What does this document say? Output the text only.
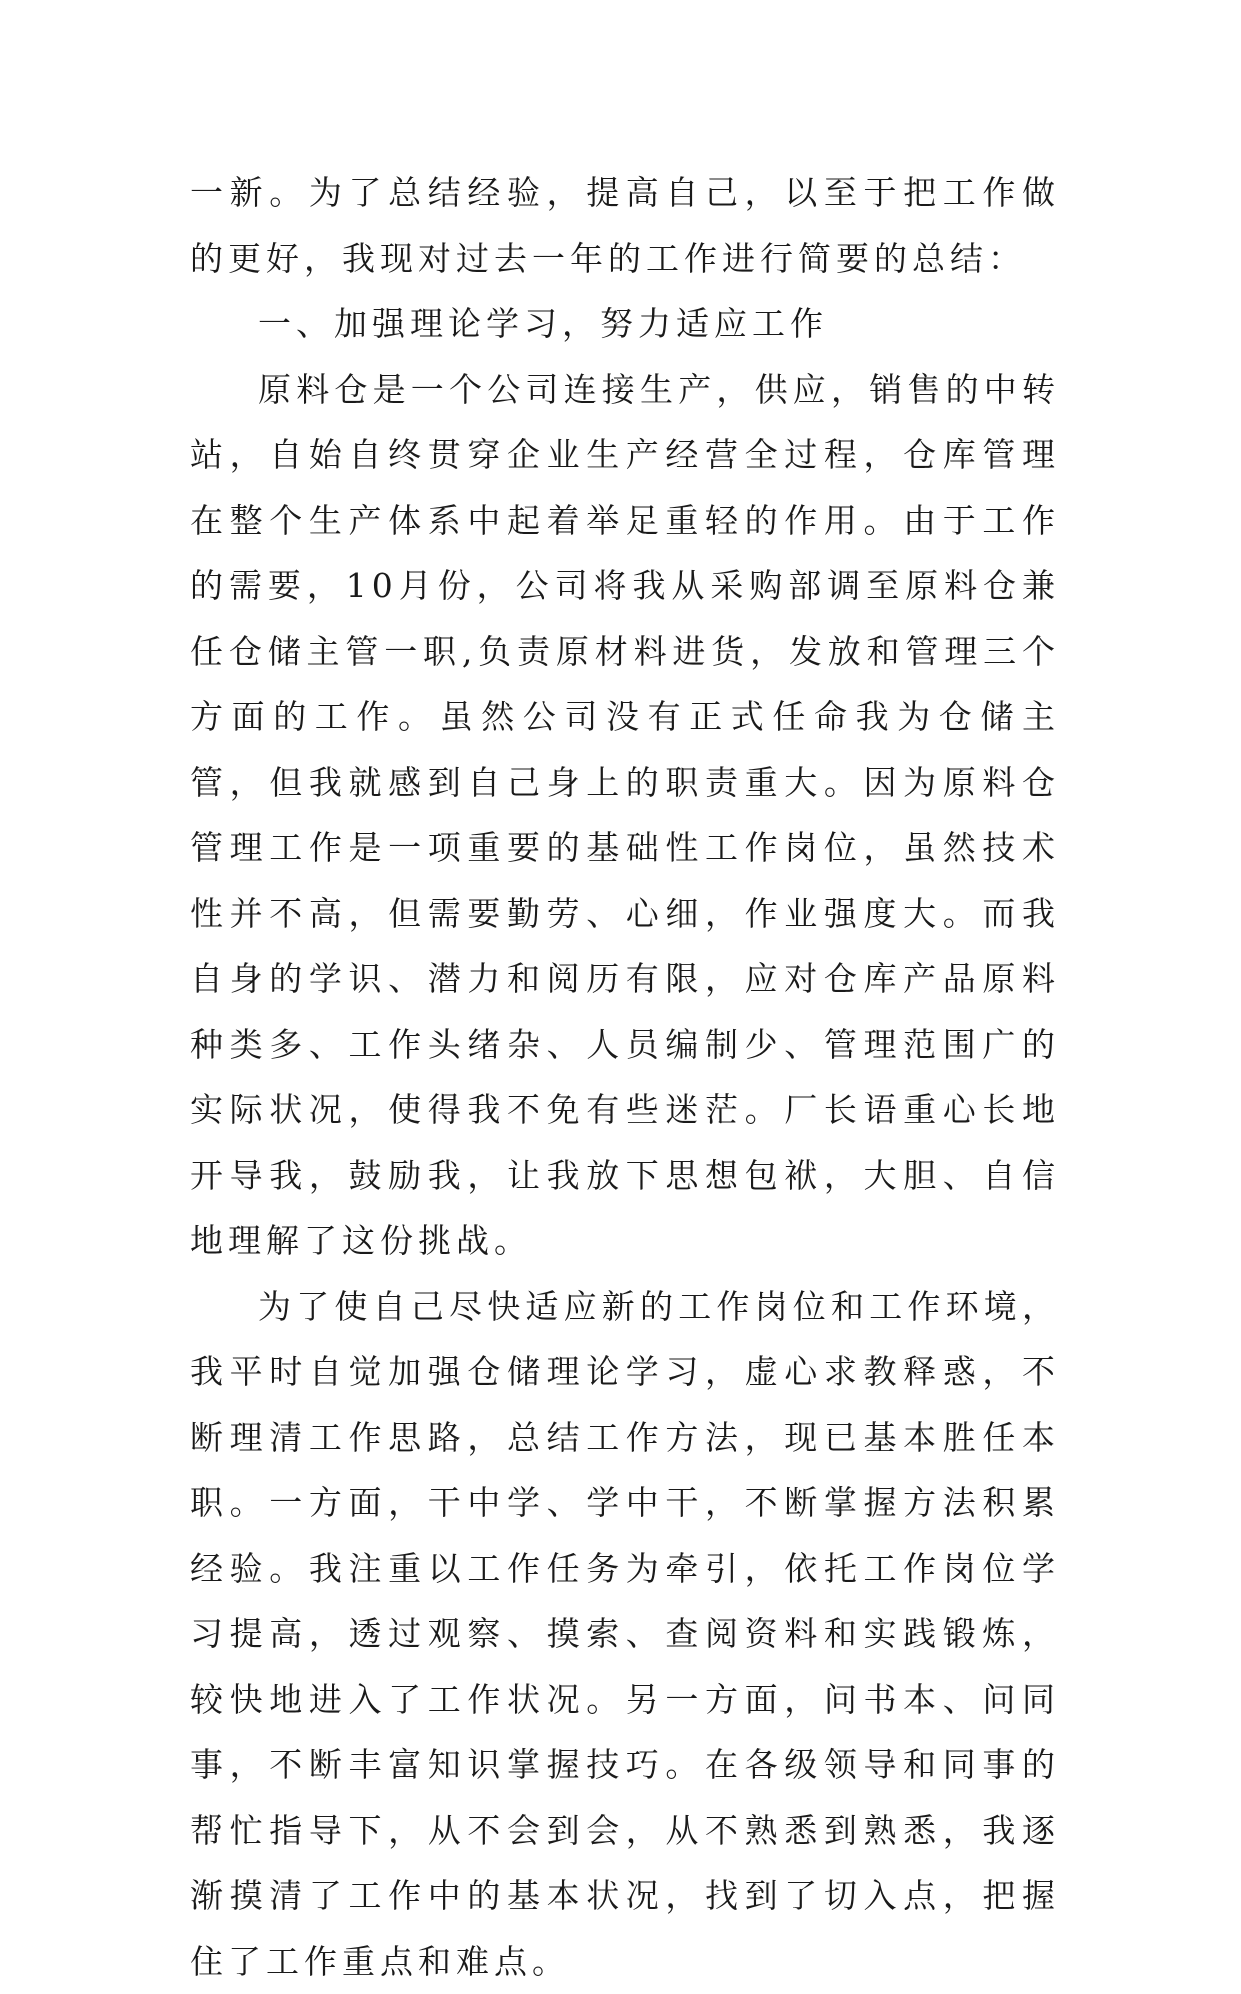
一新。为了总结经验，提高自己，以至于把工作做的更好，我现对过去一年的工作进行简要的总结：

一、加强理论学习，努力适应工作

原料仓是一个公司连接生产，供应，销售的中转站，自始自终贯穿企业生产经营全过程，仓库管理在整个生产体系中起着举足重轻的作用。由于工作的需要，10月份，公司将我从采购部调至原料仓兼任仓储主管一职,负责原材料进货，发放和管理三个方面的工作。虽然公司没有正式任命我为仓储主管，但我就感到自己身上的职责重大。因为原料仓管理工作是一项重要的基础性工作岗位，虽然技术性并不高，但需要勤劳、心细，作业强度大。而我自身的学识、潜力和阅历有限，应对仓库产品原料种类多、工作头绪杂、人员编制少、管理范围广的实际状况，使得我不免有些迷茫。厂长语重心长地开导我，鼓励我，让我放下思想包袱，大胆、自信地理解了这份挑战。

为了使自己尽快适应新的工作岗位和工作环境，我平时自觉加强仓储理论学习，虚心求教释惑，不断理清工作思路，总结工作方法，现已基本胜任本职。一方面，干中学、学中干，不断掌握方法积累经验。我注重以工作任务为牵引，依托工作岗位学习提高，透过观察、摸索、查阅资料和实践锻炼，较快地进入了工作状况。另一方面，问书本、问同事，不断丰富知识掌握技巧。在各级领导和同事的帮忙指导下，从不会到会，从不熟悉到熟悉，我逐渐摸清了工作中的基本状况，找到了切入点，把握住了工作重点和难点。
